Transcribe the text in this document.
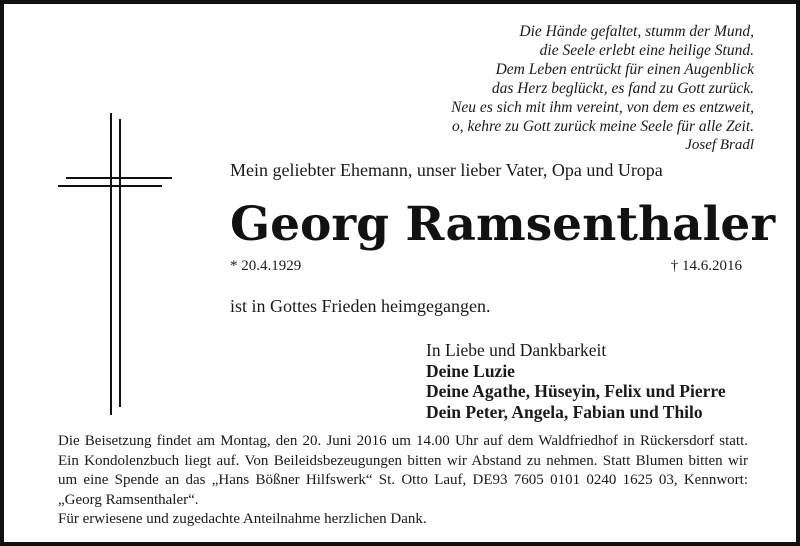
Die Hände gefaltet, stumm der Mund,
die Seele erlebt eine heilige Stund.
Dem Leben entrückt für einen Augenblick
das Herz beglückt, es fand zu Gott zurück.
Neu es sich mit ihm vereint, von dem es entzweit,
o, kehre zu Gott zurück meine Seele für alle Zeit.
Josef Bradl
Mein geliebter Ehemann, unser lieber Vater, Opa und Uropa
Georg Ramsenthaler
* 20.4.1929	† 14.6.2016
ist in Gottes Frieden heimgegangen.
In Liebe und Dankbarkeit
Deine Luzie
Deine Agathe, Hüseyin, Felix und Pierre
Dein Peter, Angela, Fabian und Thilo
Die Beisetzung findet am Montag, den 20. Juni 2016 um 14.00 Uhr auf dem Waldfriedhof in Rückersdorf statt. Ein Kondolenzbuch liegt auf. Von Beileidsbezeugungen bitten wir Abstand zu nehmen. Statt Blumen bitten wir um eine Spende an das „Hans Bößner Hilfswerk“ St. Otto Lauf, DE93 7605 0101 0240 1625 03, Kennwort: „Georg Ramsenthaler“.
Für erwiesene und zugedachte Anteilnahme herzlichen Dank.
